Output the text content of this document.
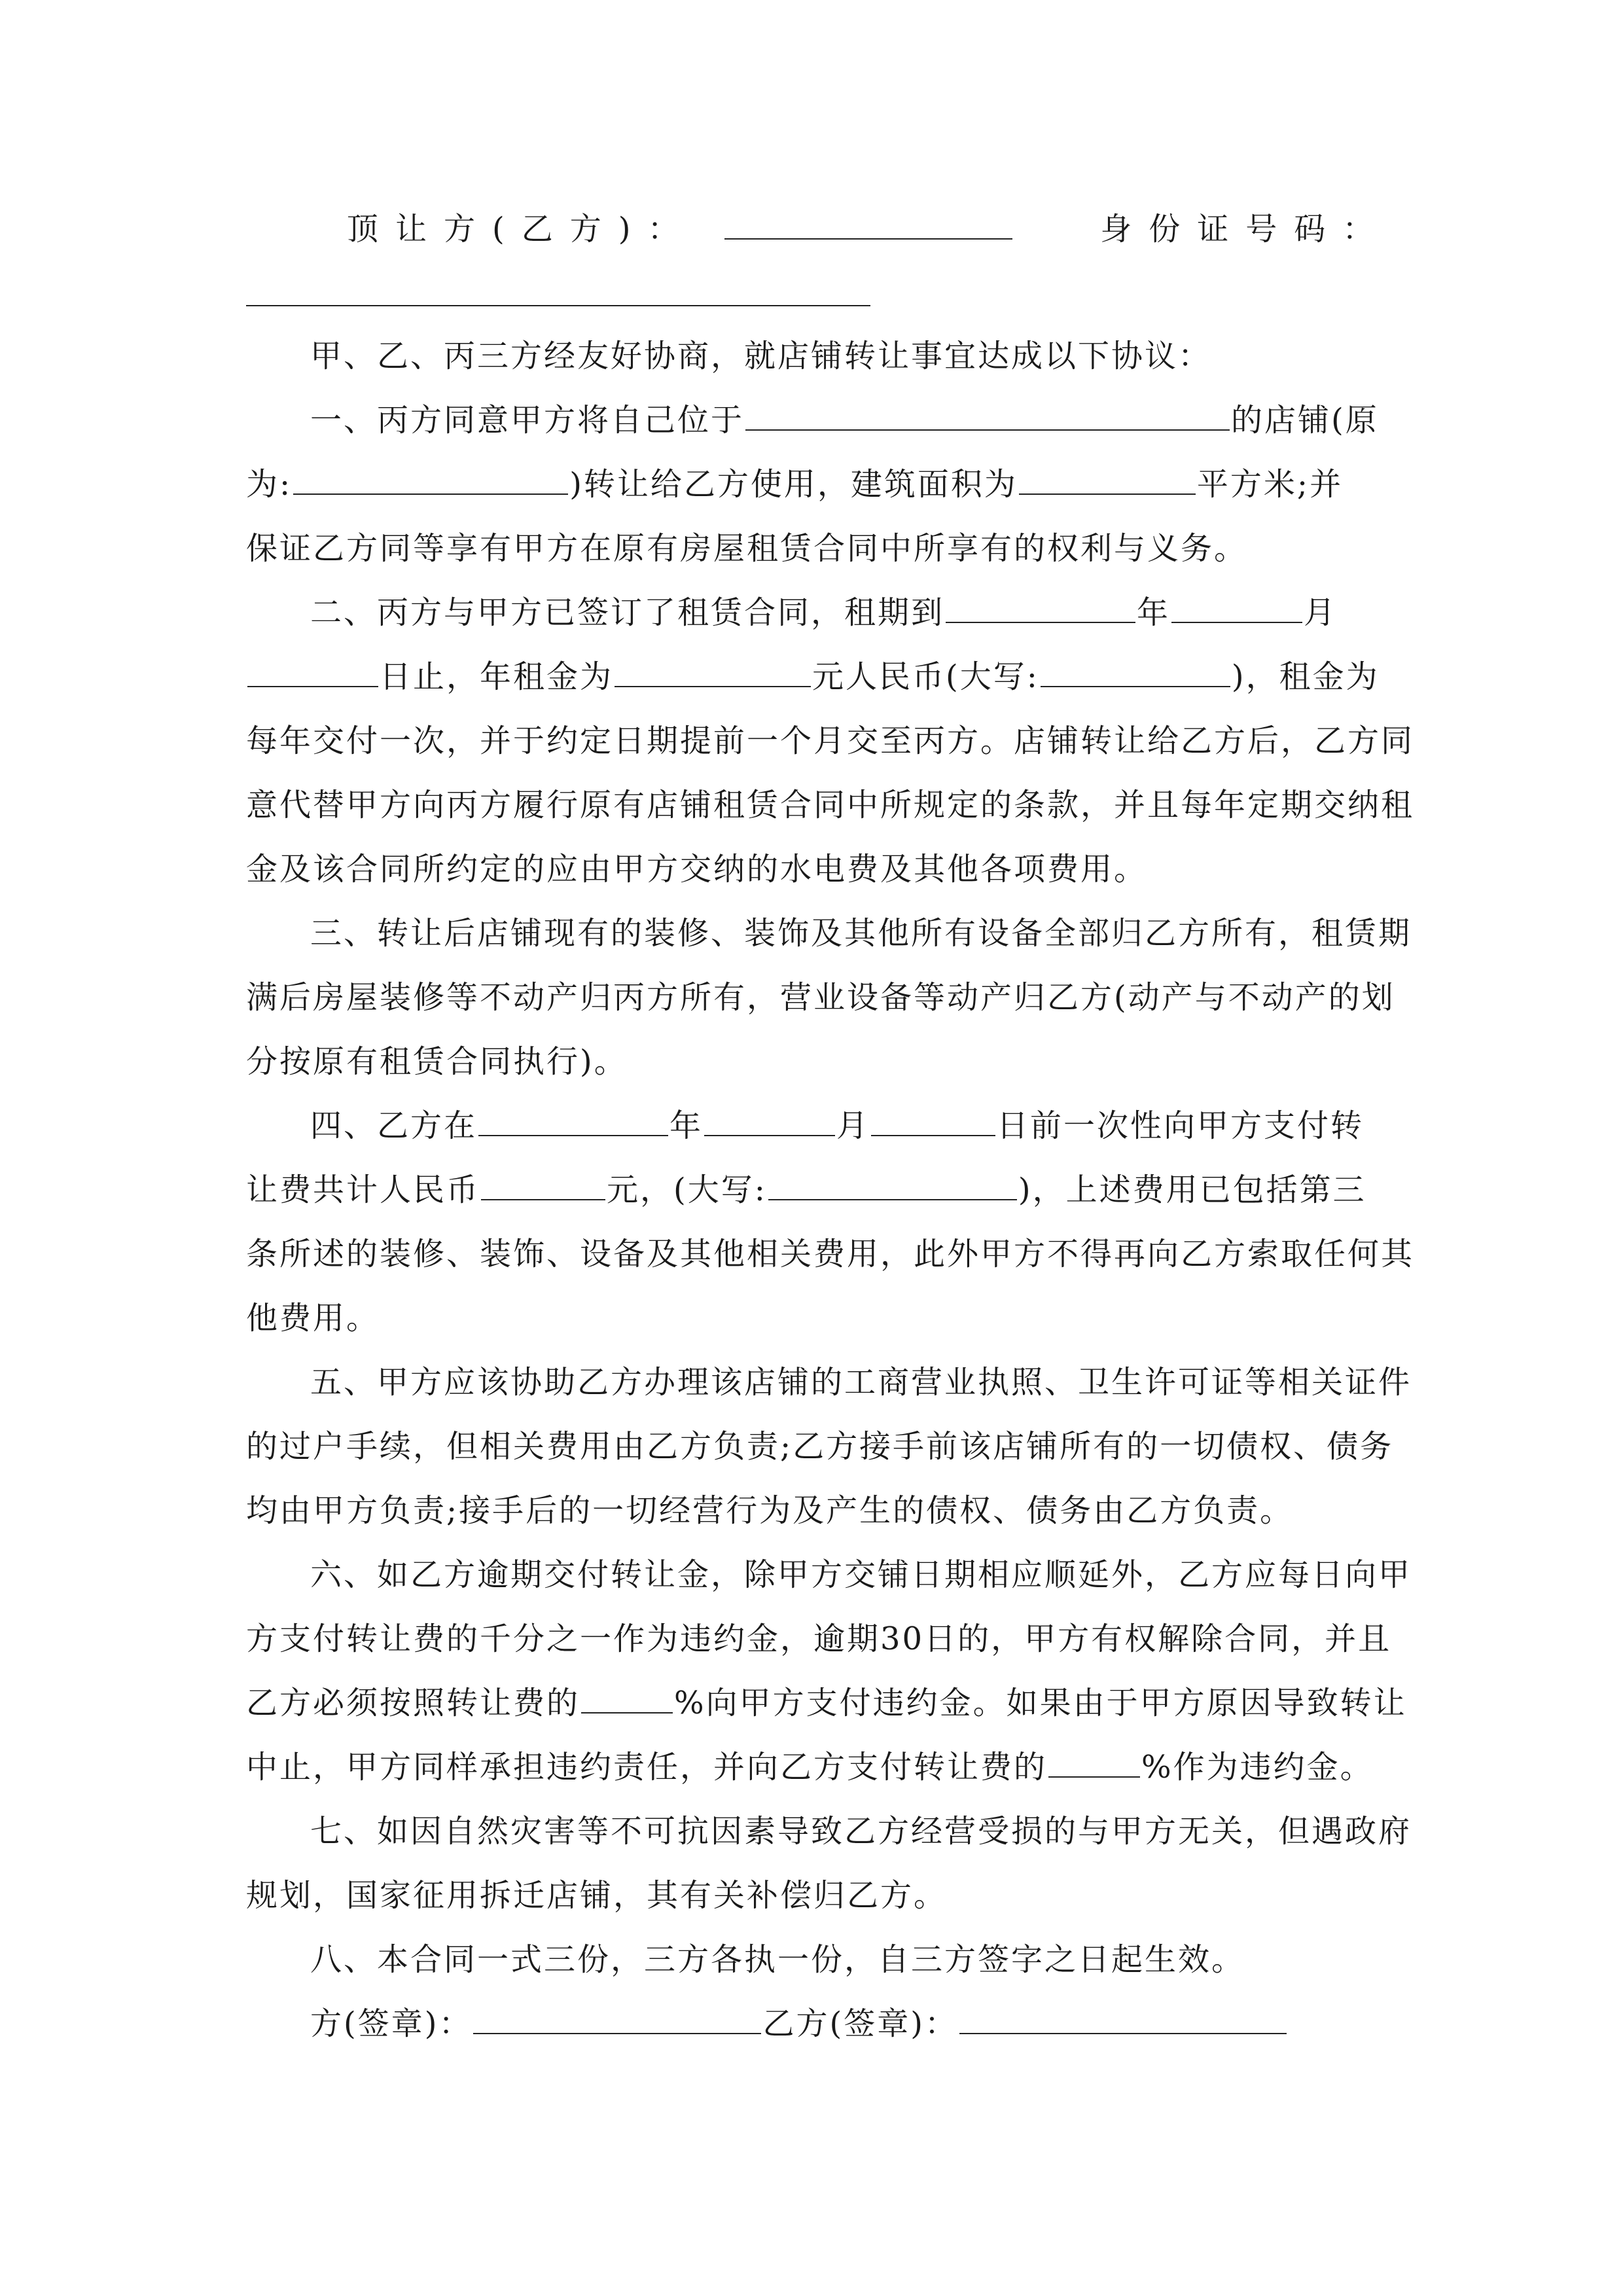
顶让方(乙方)：	身份证号码：
甲、乙、丙三方经友好协商，就店铺转让事宜达成以下协议：
一、丙方同意甲方将自己位于	的店铺(原
为:	)转让给乙方使用，建筑面积为	平方米;并
保证乙方同等享有甲方在原有房屋租赁合同中所享有的权利与义务。
二、丙方与甲方已签订了租赁合同，租期到	年	月
日止，年租金为	元人民币(大写:	)，租金为
每年交付一次，并于约定日期提前一个月交至丙方。店铺转让给乙方后，乙方同
意代替甲方向丙方履行原有店铺租赁合同中所规定的条款，并且每年定期交纳租
金及该合同所约定的应由甲方交纳的水电费及其他各项费用。
三、转让后店铺现有的装修、装饰及其他所有设备全部归乙方所有，租赁期
满后房屋装修等不动产归丙方所有，营业设备等动产归乙方(动产与不动产的划
分按原有租赁合同执行)。
四、乙方在	年	月	日前一次性向甲方支付转
让费共计人民币	元，(大写:	)，上述费用已包括第三
条所述的装修、装饰、设备及其他相关费用，此外甲方不得再向乙方索取任何其
他费用。
五、甲方应该协助乙方办理该店铺的工商营业执照、卫生许可证等相关证件
的过户手续，但相关费用由乙方负责;乙方接手前该店铺所有的一切债权、债务
均由甲方负责;接手后的一切经营行为及产生的债权、债务由乙方负责。
六、如乙方逾期交付转让金，除甲方交铺日期相应顺延外，乙方应每日向甲
方支付转让费的千分之一作为违约金，逾期30日的，甲方有权解除合同，并且
乙方必须按照转让费的	%向甲方支付违约金。如果由于甲方原因导致转让
中止，甲方同样承担违约责任，并向乙方支付转让费的	%作为违约金。
七、如因自然灾害等不可抗因素导致乙方经营受损的与甲方无关，但遇政府
规划，国家征用拆迁店铺，其有关补偿归乙方。
八、本合同一式三份，三方各执一份，自三方签字之日起生效。
方(签章)：	乙方(签章)：
